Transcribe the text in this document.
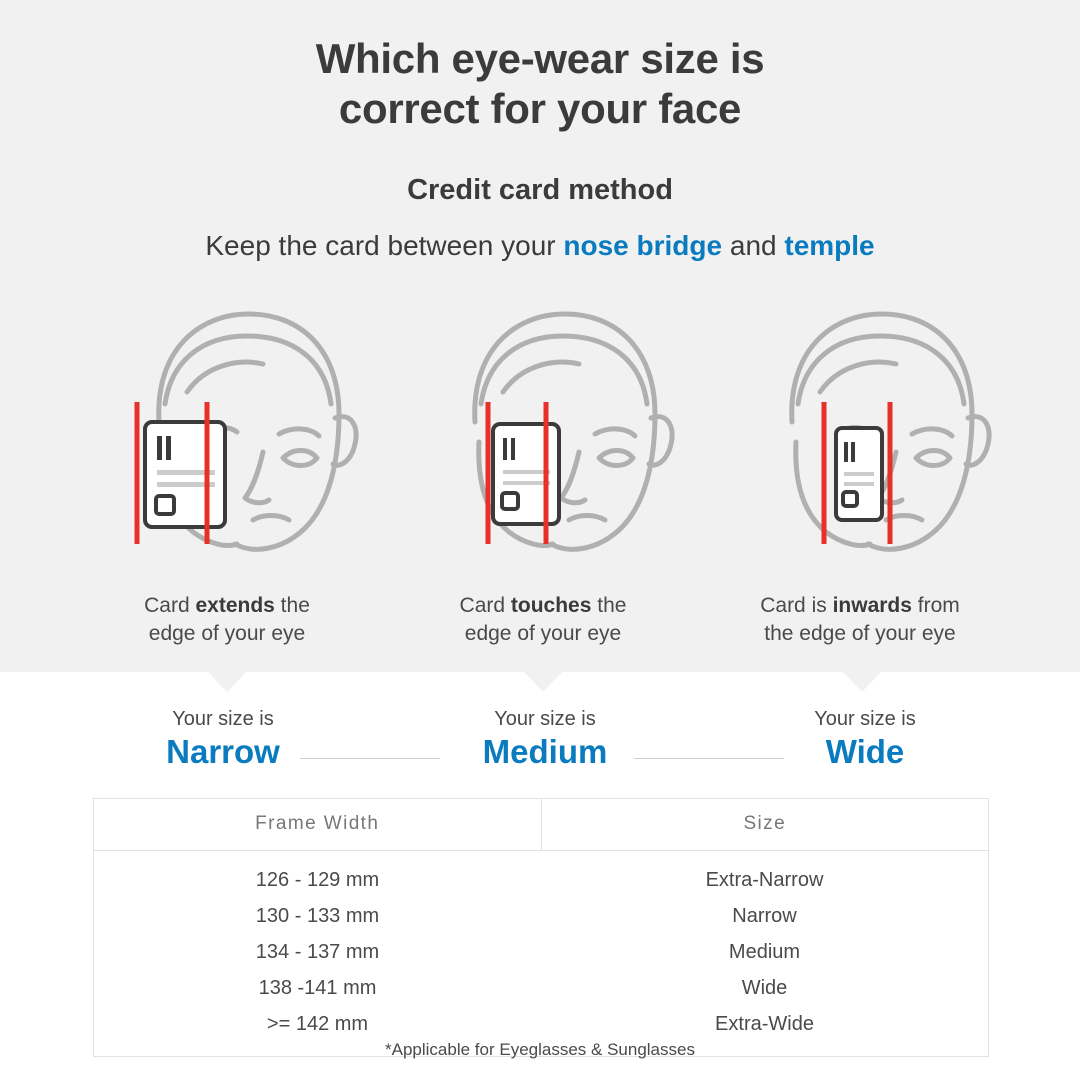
Which eye-wear size is
correct for your face
Credit card method
Keep the card between your nose bridge and temple
Card extends the
edge of your eye
Card touches the
edge of your eye
Card is inwards from
the edge of your eye
Your size is
Narrow
Your size is
Medium
Your size is
Wide
Frame Width	Size
126 - 129 mm	Extra-Narrow
130 - 133 mm	Narrow
134 - 137 mm	Medium
138 -141 mm	Wide
>= 142 mm	Extra-Wide
*Applicable for Eyeglasses & Sunglasses
